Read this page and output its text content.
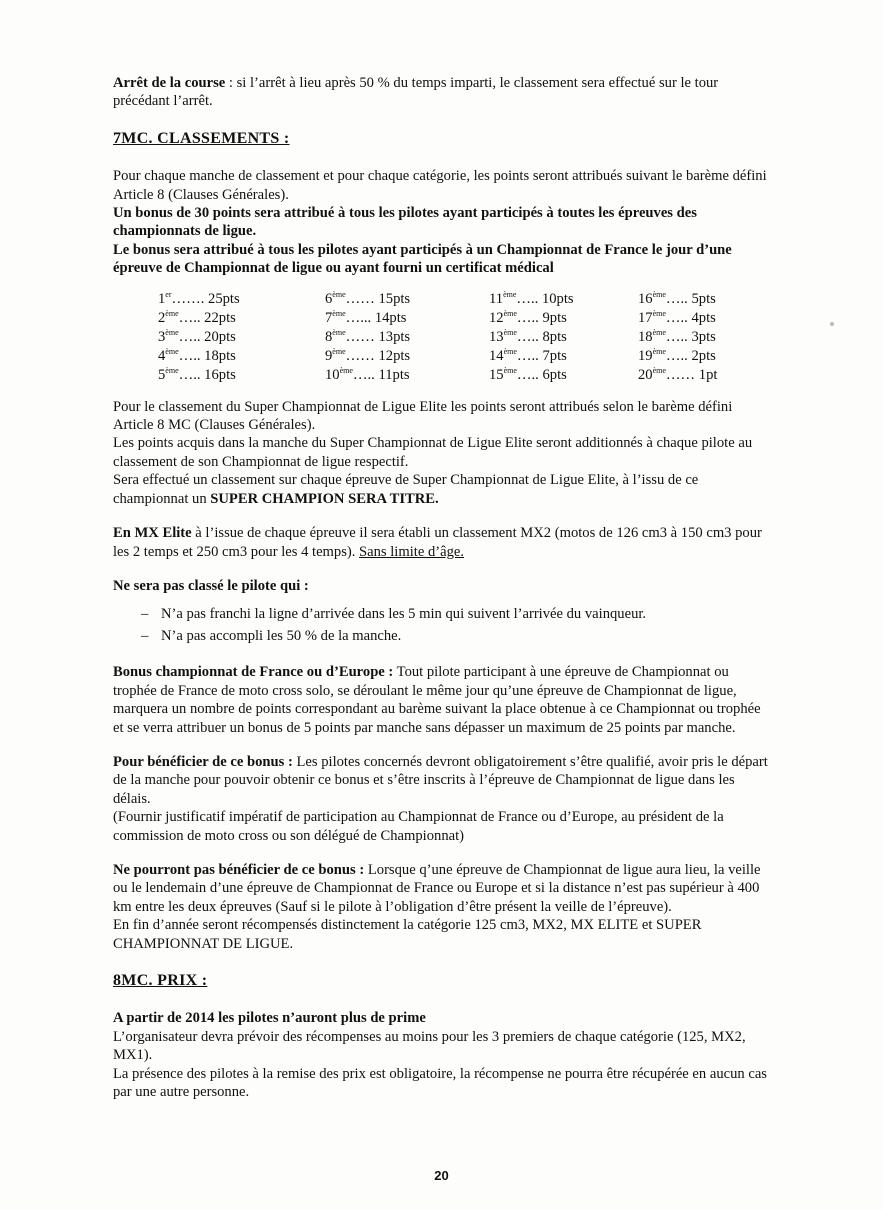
Arrêt de la course : si l’arrêt à lieu après 50 % du temps imparti, le classement sera effectué sur le tour précédant l’arrêt.

7MC. CLASSEMENTS :

Pour chaque manche de classement et pour chaque catégorie, les points seront attribués suivant le barème défini Article 8 (Clauses Générales).

Un bonus de 30 points sera attribué à tous les pilotes ayant participés à toutes les épreuves des championnats de ligue.

Le bonus sera attribué à tous les pilotes ayant participés à un Championnat de France le jour d’une épreuve de Championnat de ligue ou ayant fourni un certificat médical

1er……. 25pts
2ème….. 22pts
3ème….. 20pts
4ème….. 18pts
5ème….. 16pts
6ème…… 15pts
7ème…... 14pts
8ème…… 13pts
9ème…… 12pts
10ème….. 11pts
11ème….. 10pts
12ème….. 9pts
13ème….. 8pts
14ème….. 7pts
15ème….. 6pts
16ème….. 5pts
17ème….. 4pts
18ème….. 3pts
19ème….. 2pts
20ème…… 1pt

Pour le classement du Super Championnat de Ligue Elite les points seront attribués selon le barème défini Article 8 MC (Clauses Générales).

Les points acquis dans la manche du Super Championnat de Ligue Elite seront additionnés à chaque pilote au classement de son Championnat de ligue respectif.

Sera effectué un classement sur chaque épreuve de Super Championnat de Ligue Elite, à l’issu de ce championnat un SUPER CHAMPION SERA TITRE.

En MX Elite à l’issue de chaque épreuve il sera établi un classement MX2 (motos de 126 cm3 à 150 cm3 pour les 2 temps et 250 cm3 pour les 4 temps). Sans limite d’âge.

Ne sera pas classé le pilote qui :

– N’a pas franchi la ligne d’arrivée dans les 5 min qui suivent l’arrivée du vainqueur.
– N’a pas accompli les 50 % de la manche.

Bonus championnat de France ou d’Europe : Tout pilote participant à une épreuve de Championnat ou trophée de France de moto cross solo, se déroulant le même jour qu’une épreuve de Championnat de ligue, marquera un nombre de points correspondant au barème suivant la place obtenue à ce Championnat ou trophée et se verra attribuer un bonus de 5 points par manche sans dépasser un maximum de 25 points par manche.

Pour bénéficier de ce bonus : Les pilotes concernés devront obligatoirement s’être qualifié, avoir pris le départ de la manche pour pouvoir obtenir ce bonus et s’être inscrits à l’épreuve de Championnat de ligue dans les délais.

(Fournir justificatif impératif de participation au Championnat de France ou d’Europe, au président de la commission de moto cross ou son délégué de Championnat)

Ne pourront pas bénéficier de ce bonus : Lorsque q’une épreuve de Championnat de ligue aura lieu, la veille ou le lendemain d’une épreuve de Championnat de France ou Europe et si la distance n’est pas supérieur à 400 km entre les deux épreuves (Sauf si le pilote à l’obligation d’être présent la veille de l’épreuve).

En fin d’année seront récompensés distinctement la catégorie 125 cm3, MX2, MX ELITE et SUPER CHAMPIONNAT DE LIGUE.

8MC. PRIX :

A partir de 2014 les pilotes n’auront plus de prime

L’organisateur devra prévoir des récompenses au moins pour les 3 premiers de chaque catégorie (125, MX2, MX1).

La présence des pilotes à la remise des prix est obligatoire, la récompense ne pourra être récupérée en aucun cas par une autre personne.

20
